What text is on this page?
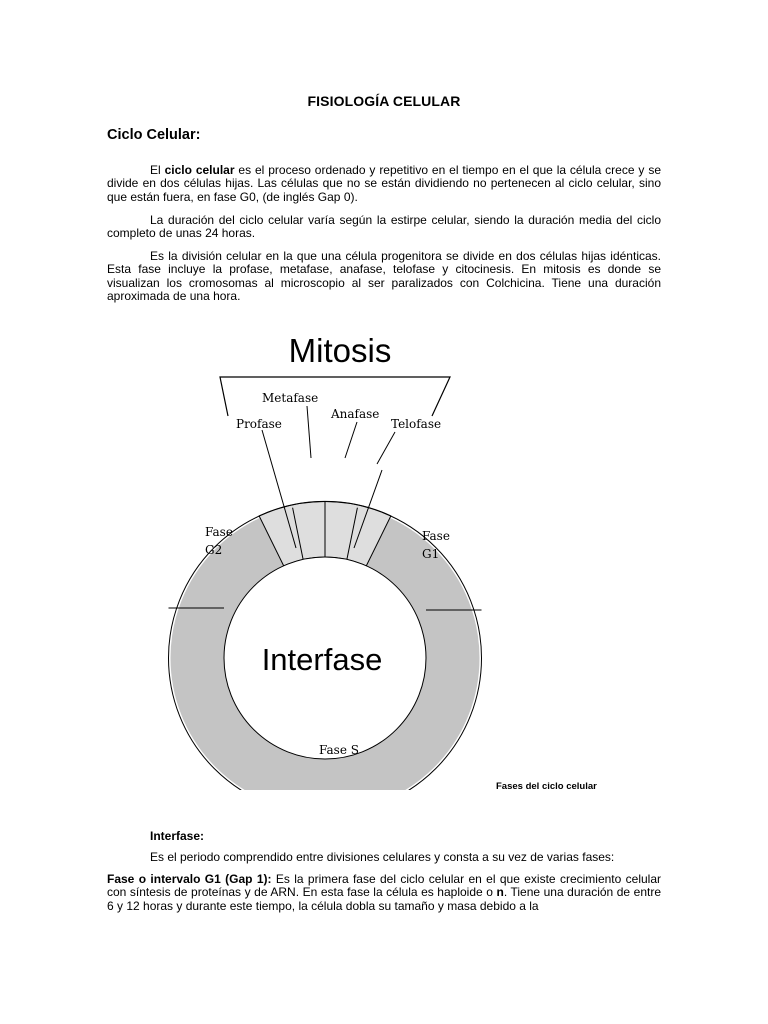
FISIOLOGÍA CELULAR
Ciclo Celular:

El ciclo celular es el proceso ordenado y repetitivo en el tiempo en el que la célula crece y se divide en dos células hijas. Las células que no se están dividiendo no pertenecen al ciclo celular, sino que están fuera, en fase G0, (de inglés Gap 0).

La duración del ciclo celular varía según la estirpe celular, siendo la duración media del ciclo completo de unas 24 horas.

Es la división celular en la que una célula progenitora se divide en dos células hijas idénticas. Esta fase incluye la profase, metafase, anafase, telofase y citocinesis. En mitosis es donde se visualizan los cromosomas al microscopio al ser paralizados con Colchicina. Tiene una duración aproximada de una hora.

Mitosis
Metafase
Profase
Anafase
Telofase
Fase
G2
Fase
G1
Interfase
Fase S
Fases del ciclo celular
Interfase:

Es el periodo comprendido entre divisiones celulares y consta a su vez de varias fases:

Fase o intervalo G1 (Gap 1): Es la primera fase del ciclo celular en el que existe crecimiento celular con síntesis de proteínas y de ARN. En esta fase la célula es haploide o n. Tiene una duración de entre 6 y 12 horas y durante este tiempo, la célula dobla su tamaño y masa debido a la
